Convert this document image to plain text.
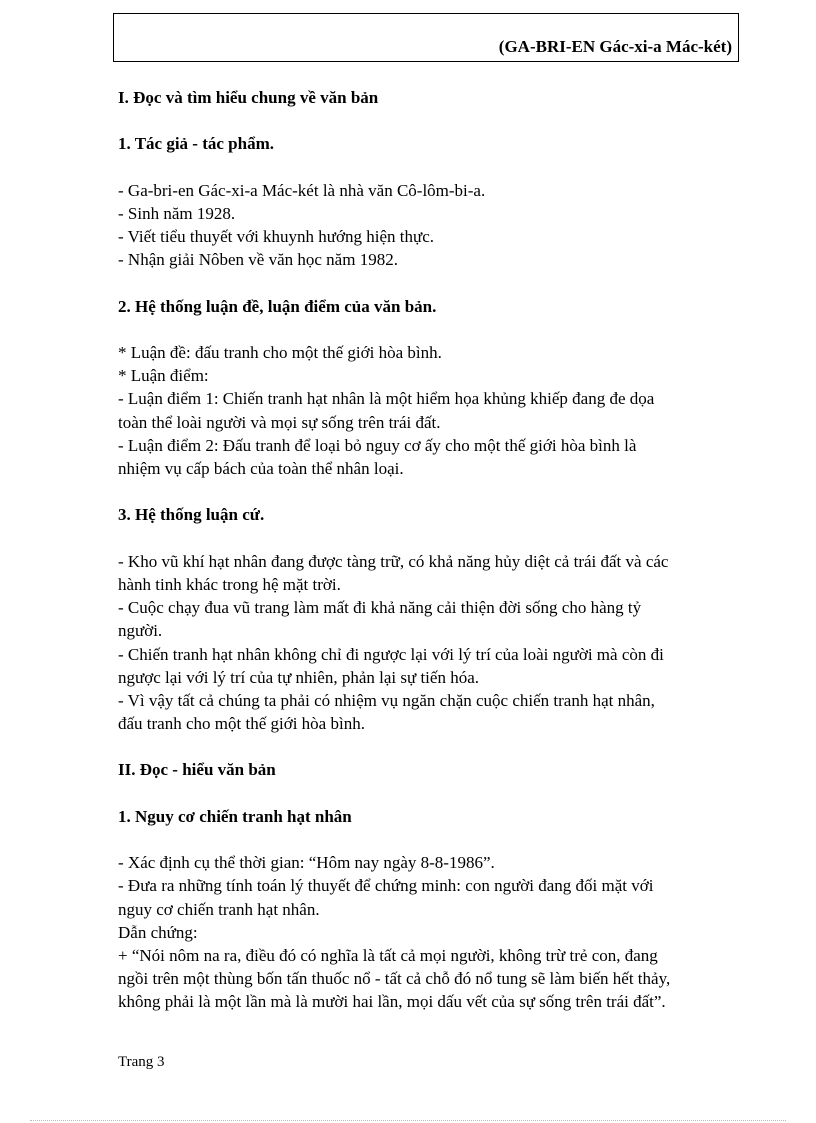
(GA-BRI-EN Gác-xi-a Mác-két)
I. Đọc và tìm hiểu chung về văn bản
1. Tác giả - tác phẩm.
- Ga-bri-en Gác-xi-a Mác-két là nhà văn Cô-lôm-bi-a.
- Sinh năm 1928.
- Viết tiểu thuyết với khuynh hướng hiện thực.
- Nhận giải Nôben về văn học năm 1982.
2. Hệ thống luận đề, luận điểm của văn bản.
* Luận đề: đấu tranh cho một thế giới hòa bình.
* Luận điểm:
- Luận điểm 1: Chiến tranh hạt nhân là một hiểm họa khủng khiếp đang đe dọa
toàn thể loài người và mọi sự sống trên trái đất.
- Luận điểm 2: Đấu tranh để loại bỏ nguy cơ ấy cho một thế giới hòa bình là
nhiệm vụ cấp bách của toàn thể nhân loại.
3. Hệ thống luận cứ.
- Kho vũ khí hạt nhân đang được tàng trữ, có khả năng hủy diệt cả trái đất và các
hành tinh khác trong hệ mặt trời.
- Cuộc chạy đua vũ trang làm mất đi khả năng cải thiện đời sống cho hàng tỷ
người.
- Chiến tranh hạt nhân không chỉ đi ngược lại với lý trí của loài người mà còn đi
ngược lại với lý trí của tự nhiên, phản lại sự tiến hóa.
- Vì vậy tất cả chúng ta phải có nhiệm vụ ngăn chặn cuộc chiến tranh hạt nhân,
đấu tranh cho một thế giới hòa bình.
II. Đọc - hiểu văn bản
1. Nguy cơ chiến tranh hạt nhân
- Xác định cụ thể thời gian: “Hôm nay ngày 8-8-1986”.
- Đưa ra những tính toán lý thuyết để chứng minh: con người đang đối mặt với
nguy cơ chiến tranh hạt nhân.
Dẫn chứng:
+ “Nói nôm na ra, điều đó có nghĩa là tất cả mọi người, không trừ trẻ con, đang
ngồi trên một thùng bốn tấn thuốc nổ - tất cả chỗ đó nổ tung sẽ làm biến hết thảy,
không phải là một lần mà là mười hai lần, mọi dấu vết của sự sống trên trái đất”.
Trang 3
